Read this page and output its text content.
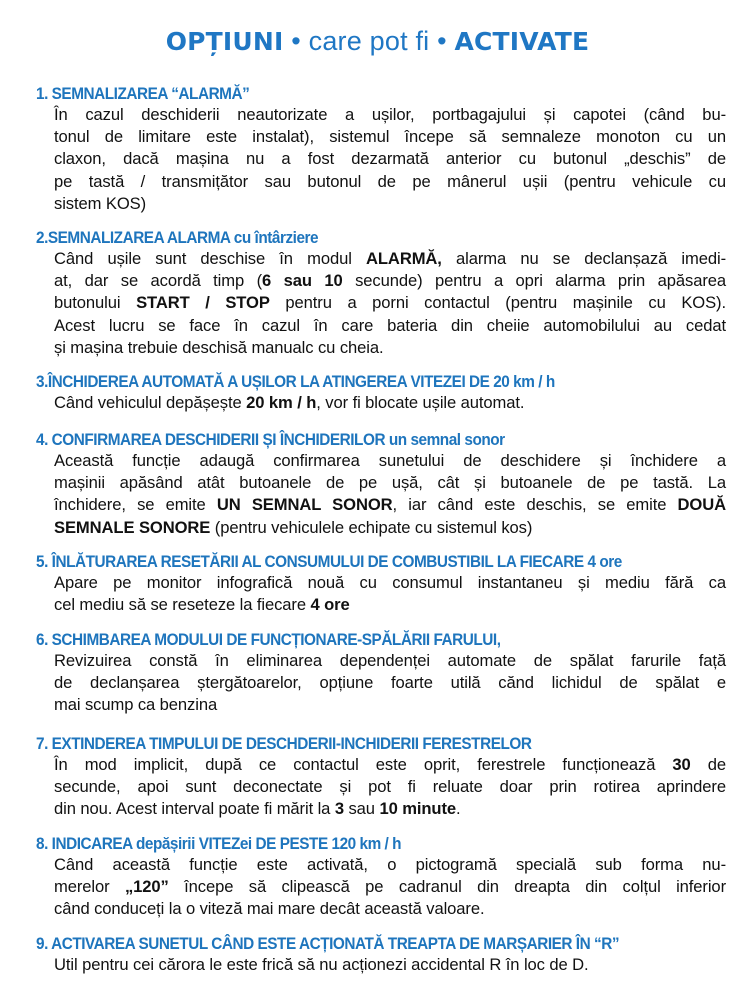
OPȚIUNI • care pot fi • ACTIVATE
1. SEMNALIZAREA “ALARMĂ”
În cazul deschiderii neautorizate a ușilor, portbagajului și capotei (când bu-
tonul de limitare este instalat), sistemul începe să semnaleze monoton cu un
claxon, dacă mașina nu a fost dezarmată anterior cu butonul „deschis” de
pe tastă / transmițător sau butonul de pe mânerul ușii (pentru vehicule cu
sistem KOS)
2.SEMNALIZAREA ALARMA cu întârziere
Când ușile sunt deschise în modul ALARMĂ, alarma nu se declanșază imedi-
at, dar se acordă timp (6 sau 10 secunde) pentru a opri alarma prin apăsarea
butonului START / STOP pentru a porni contactul (pentru mașinile cu KOS).
Acest lucru se face în cazul în care bateria din cheiie automobilului au cedat
și mașina trebuie deschisă manualc cu cheia.
3.ÎNCHIDEREA AUTOMATĂ A UȘILOR LA ATINGEREA VITEZEI DE 20 km / h
Când vehiculul depășește 20 km / h, vor fi blocate ușile automat.
4. CONFIRMAREA DESCHIDERII ȘI ÎNCHIDERILOR un semnal sonor
Această funcție adaugă confirmarea sunetului de deschidere și închidere a
mașinii apăsând atât butoanele de pe ușă, cât și butoanele de pe tastă. La
închidere, se emite UN SEMNAL SONOR, iar când este deschis, se emite DOUĂ
SEMNALE SONORE (pentru vehiculele echipate cu sistemul kos)
5. ÎNLĂTURAREA RESETĂRII AL CONSUMULUI DE COMBUSTIBIL LA FIECARE 4 ore
Apare pe monitor infografică nouă cu consumul instantaneu și mediu fără ca
cel mediu să se reseteze la fiecare 4 ore
6. SCHIMBAREA MODULUI DE FUNCȚIONARE-SPĂLĂRII FARULUI,
Revizuirea constă în eliminarea dependenței automate de spălat farurile față
de declanșarea ștergătoarelor, opțiune foarte utilă cănd lichidul de spălat e
mai scump ca benzina
7. EXTINDEREA TIMPULUI DE DESCHDERII-INCHIDERII FERESTRELOR
În mod implicit, după ce contactul este oprit, ferestrele funcționează 30 de
secunde, apoi sunt deconectate și pot fi reluate doar prin rotirea aprindere
din nou. Acest interval poate fi mărit la 3 sau 10 minute.
8. INDICAREA depășirii VITEZei DE PESTE 120 km / h
Când această funcție este activată, o pictogramă specială sub forma nu-
merelor „120” începe să clipească pe cadranul din dreapta din colțul inferior
când conduceți la o viteză mai mare decât această valoare.
9. ACTIVAREA SUNETUL CÂND ESTE ACȚIONATĂ TREAPTA DE MARȘARIER ÎN “R”
Util pentru cei cărora le este frică să nu acționezi accidental R în loc de D.
